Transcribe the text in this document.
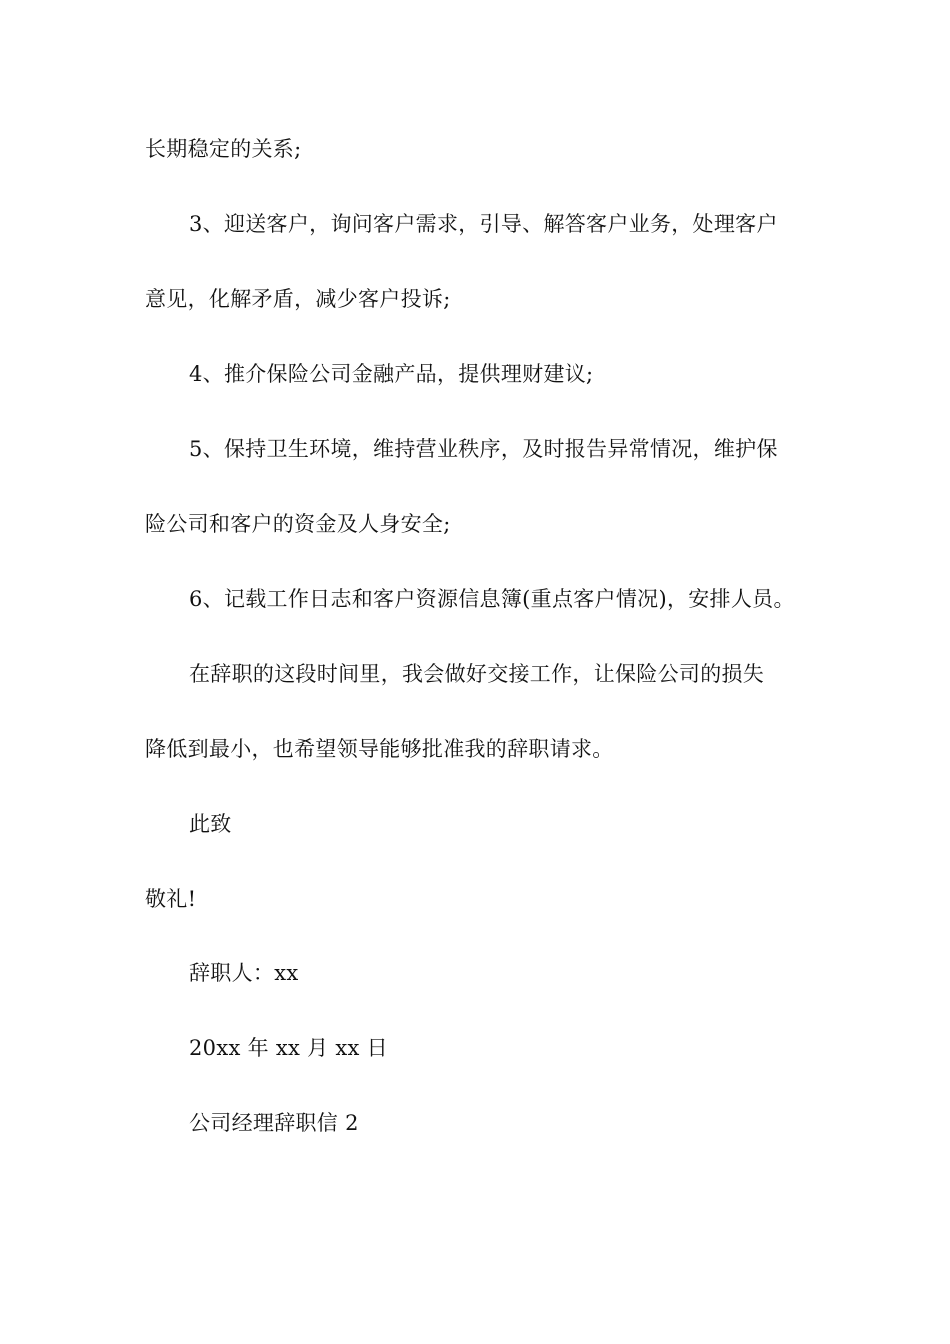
长期稳定的关系;
3、迎送客户，询问客户需求，引导、解答客户业务，处理客户
意见，化解矛盾，减少客户投诉;
4、推介保险公司金融产品，提供理财建议;
5、保持卫生环境，维持营业秩序，及时报告异常情况，维护保
险公司和客户的资金及人身安全;
6、记载工作日志和客户资源信息簿(重点客户情况)，安排人员。
在辞职的这段时间里，我会做好交接工作，让保险公司的损失
降低到最小，也希望领导能够批准我的辞职请求。
此致
敬礼!
辞职人：xx
20xx 年 xx 月 xx 日
公司经理辞职信 2
